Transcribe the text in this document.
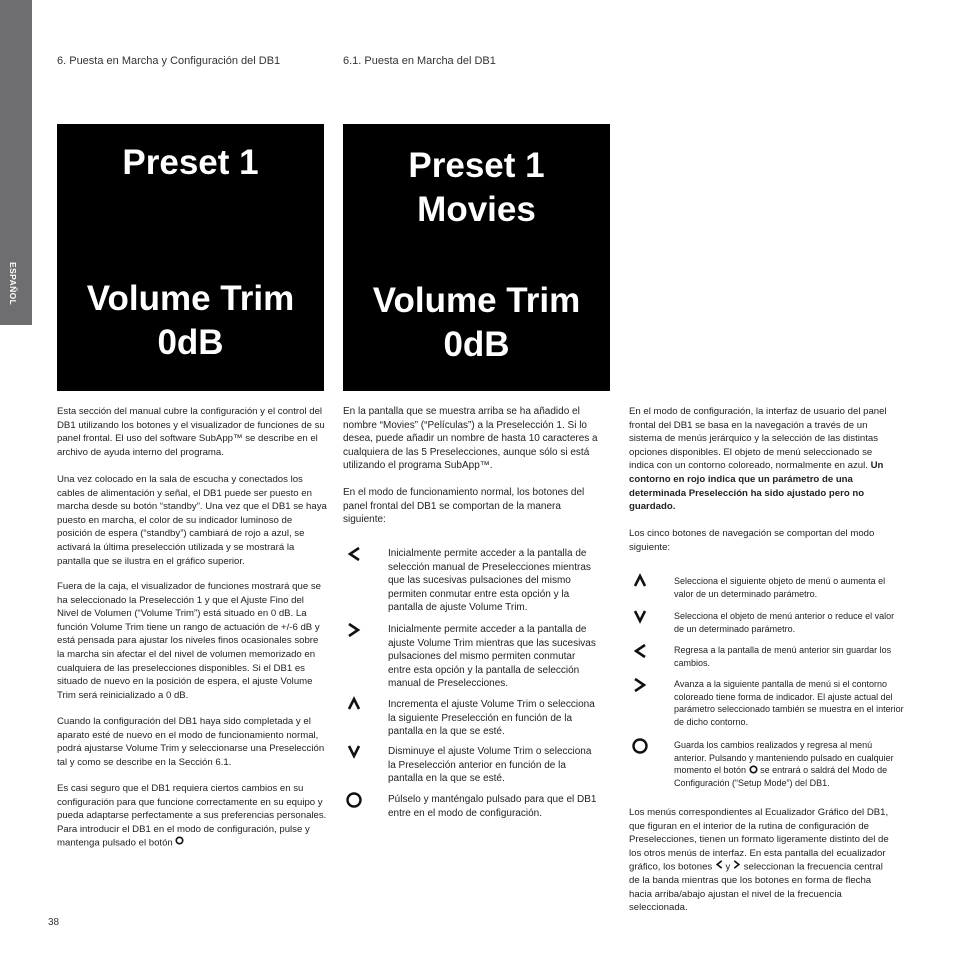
ESPAÑOL
6. Puesta en Marcha y Configuración del DB1	6.1. Puesta en Marcha del DB1
Preset 1
Volume Trim
0dB
Preset 1
Movies
Volume Trim
0dB

Esta sección del manual cubre la configuración y el control del DB1 utilizando los botones y el visualizador de funciones de su panel frontal. El uso del software SubApp™ se describe en el archivo de ayuda interno del programa.

Una vez colocado en la sala de escucha y conectados los cables de alimentación y señal, el DB1 puede ser puesto en marcha desde su botón “standby”. Una vez que el DB1 se haya puesto en marcha, el color de su indicador luminoso de posición de espera (“standby”) cambiará de rojo a azul, se activará la última preselección utilizada y se mostrará la pantalla que se ilustra en el gráfico superior.

Fuera de la caja, el visualizador de funciones mostrará que se ha seleccionado la Preselección 1 y que el Ajuste Fino del Nivel de Volumen (“Volume Trim”) está situado en 0 dB. La función Volume Trim tiene un rango de actuación de +/-6 dB y está pensada para ajustar los niveles finos ocasionales sobre la marcha sin afectar el del nivel de volumen memorizado en cualquiera de las preselecciones disponibles. Si el DB1 es situado de nuevo en la posición de espera, el ajuste Volume Trim será reinicializado a 0 dB.

Cuando la configuración del DB1 haya sido completada y el aparato esté de nuevo en el modo de funcionamiento normal, podrá ajustarse Volume Trim y seleccionarse una Preselección tal y como se describe en la Sección 6.1.

Es casi seguro que el DB1 requiera ciertos cambios en su configuración para que funcione correctamente en su equipo y pueda adaptarse perfectamente a sus preferencias personales. Para introducir el DB1 en el modo de configuración, pulse y mantenga pulsado el botón

En la pantalla que se muestra arriba se ha añadido el nombre “Movies” (“Películas”) a la Preselección 1. Si lo desea, puede añadir un nombre de hasta 10 caracteres a cualquiera de las 5 Preselecciones, aunque sólo si está utilizando el programa SubApp™.

En el modo de funcionamiento normal, los botones del panel frontal del DB1 se comportan de la manera siguiente:

Inicialmente permite acceder a la pantalla de selección manual de Preselecciones mientras que las sucesivas pulsaciones del mismo permiten conmutar entre esta opción y la pantalla de ajuste Volume Trim.

Inicialmente permite acceder a la pantalla de ajuste Volume Trim mientras que las sucesivas pulsaciones del mismo permiten conmutar entre esta opción y la pantalla de selección manual de Preselecciones.

Incrementa el ajuste Volume Trim o selecciona la siguiente Preselección en función de la pantalla en la que se esté.

Disminuye el ajuste Volume Trim o selecciona la Preselección anterior en función de la pantalla en la que se esté.

Púlselo y manténgalo pulsado para que el DB1 entre en el modo de configuración.

En el modo de configuración, la interfaz de usuario del panel frontal del DB1 se basa en la navegación a través de un sistema de menús jerárquico y la selección de las distintas opciones disponibles. El objeto de menú seleccionado se indica con un contorno coloreado, normalmente en azul. Un contorno en rojo indica que un parámetro de una determinada Preselección ha sido ajustado pero no guardado.

Los cinco botones de navegación se comportan del modo siguiente:

Selecciona el siguiente objeto de menú o aumenta el valor de un determinado parámetro.

Selecciona el objeto de menú anterior o reduce el valor de un determinado parámetro.

Regresa a la pantalla de menú anterior sin guardar los cambios.

Avanza a la siguiente pantalla de menú si el contorno coloreado tiene forma de indicador. El ajuste actual del parámetro seleccionado también se muestra en el interior de dicho contorno.

Guarda los cambios realizados y regresa al menú anterior. Pulsando y manteniendo pulsado en cualquier momento el botón se entrará o saldrá del Modo de Configuración (“Setup Mode”) del DB1.

Los menús correspondientes al Ecualizador Gráfico del DB1, que figuran en el interior de la rutina de configuración de Preselecciones, tienen un formato ligeramente distinto del de los otros menús de interfaz. En esta pantalla del ecualizador gráfico, los botones y seleccionan la frecuencia central de la banda mientras que los botones en forma de flecha hacia arriba/abajo ajustan el nivel de la frecuencia seleccionada.

38
